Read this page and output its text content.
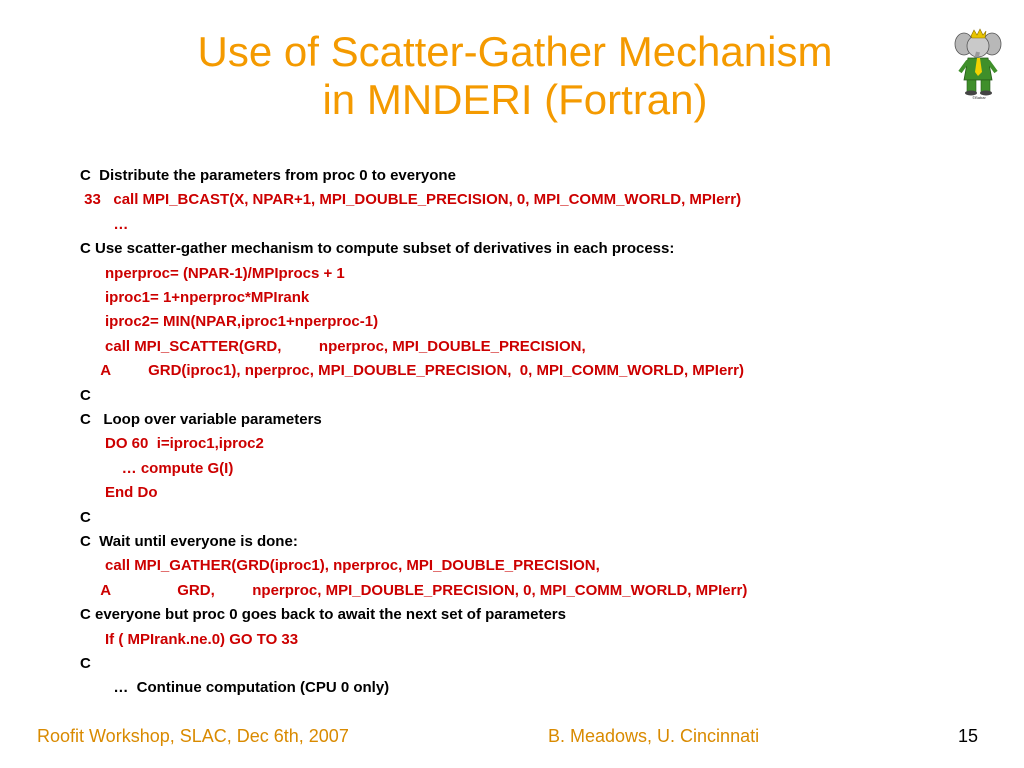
Use of Scatter-Gather Mechanism
in MNDERI (Fortran)	©Babar
C  Distribute the parameters from proc 0 to everyone
33   call MPI_BCAST(X, NPAR+1, MPI_DOUBLE_PRECISION, 0, MPI_COMM_WORLD, MPIerr)
…
C Use scatter-gather mechanism to compute subset of derivatives in each process:
nperproc= (NPAR-1)/MPIprocs + 1
iproc1= 1+nperproc*MPIrank
iproc2= MIN(NPAR,iproc1+nperproc-1)
call MPI_SCATTER(GRD,         nperproc, MPI_DOUBLE_PRECISION,
A         GRD(iproc1), nperproc, MPI_DOUBLE_PRECISION,  0, MPI_COMM_WORLD, MPIerr)
C
C   Loop over variable parameters
DO 60  i=iproc1,iproc2
… compute G(I)
End Do
C
C  Wait until everyone is done:
call MPI_GATHER(GRD(iproc1), nperproc, MPI_DOUBLE_PRECISION,
A                GRD,         nperproc, MPI_DOUBLE_PRECISION, 0, MPI_COMM_WORLD, MPIerr)
C everyone but proc 0 goes back to await the next set of parameters
If ( MPIrank.ne.0) GO TO 33
C
…  Continue computation (CPU 0 only)
Roofit Workshop, SLAC, Dec 6th, 2007	B. Meadows, U. Cincinnati	15
